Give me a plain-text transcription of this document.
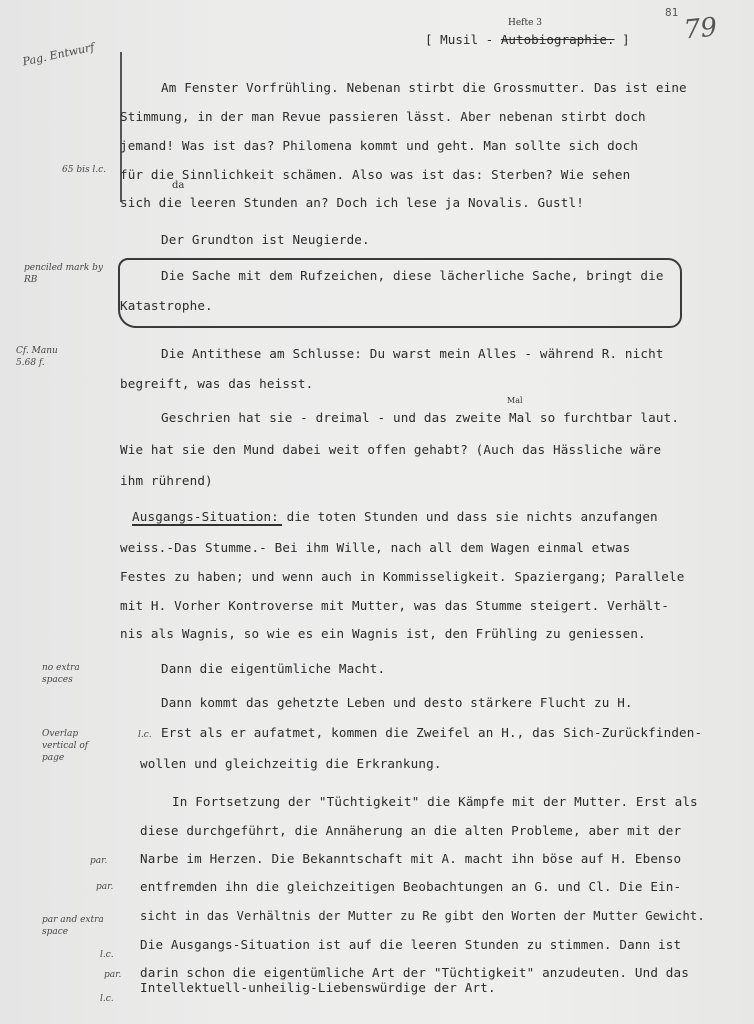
81 79
[ Musil - Autobiographie. ]
Hefte 3
da
Mal
Pag. Entwurf
65 bis l.c.
penciled mark by RB
Cf. Manu 5.68 f.
no extra spaces
Overlap vertical of page
par.
par.
par and extra space
l.c.
par.
l.c.
l.c.
Am Fenster Vorfrühling. Nebenan stirbt die Grossmutter. Das ist eine
Stimmung, in der man Revue passieren lässt. Aber nebenan stirbt doch
jemand! Was ist das? Philomena kommt und geht. Man sollte sich doch
für die Sinnlichkeit schämen. Also was ist das: Sterben? Wie sehen
sich die leeren Stunden an? Doch ich lese ja Novalis. Gustl!
Der Grundton ist Neugierde.
Die Sache mit dem Rufzeichen, diese lächerliche Sache, bringt die
Katastrophe.
Die Antithese am Schlusse: Du warst mein Alles - während R. nicht
begreift, was das heisst.
Geschrien hat sie - dreimal - und das zweite Mal so furchtbar laut.
Wie hat sie den Mund dabei weit offen gehabt? (Auch das Hässliche wäre
ihm rührend)
Ausgangs-Situation: die toten Stunden und dass sie nichts anzufangen
weiss.-Das Stumme.- Bei ihm Wille, nach all dem Wagen einmal etwas
Festes zu haben; und wenn auch in Kommisseligkeit. Spaziergang; Parallele
mit H. Vorher Kontroverse mit Mutter, was das Stumme steigert. Verhält-
nis als Wagnis, so wie es ein Wagnis ist, den Frühling zu geniessen.
Dann die eigentümliche Macht.
Dann kommt das gehetzte Leben und desto stärkere Flucht zu H.
Erst als er aufatmet, kommen die Zweifel an H., das Sich-Zurückfinden-
wollen und gleichzeitig die Erkrankung.
In Fortsetzung der "Tüchtigkeit" die Kämpfe mit der Mutter. Erst als
diese durchgeführt, die Annäherung an die alten Probleme, aber mit der
Narbe im Herzen. Die Bekanntschaft mit A. macht ihn böse auf H. Ebenso
entfremden ihn die gleichzeitigen Beobachtungen an G. und Cl. Die Ein-
sicht in das Verhältnis der Mutter zu Re gibt den Worten der Mutter Gewicht.
Die Ausgangs-Situation ist auf die leeren Stunden zu stimmen. Dann ist
darin schon die eigentümliche Art der "Tüchtigkeit" anzudeuten. Und das
Intellektuell-unheilig-Liebenswürdige der Art.
